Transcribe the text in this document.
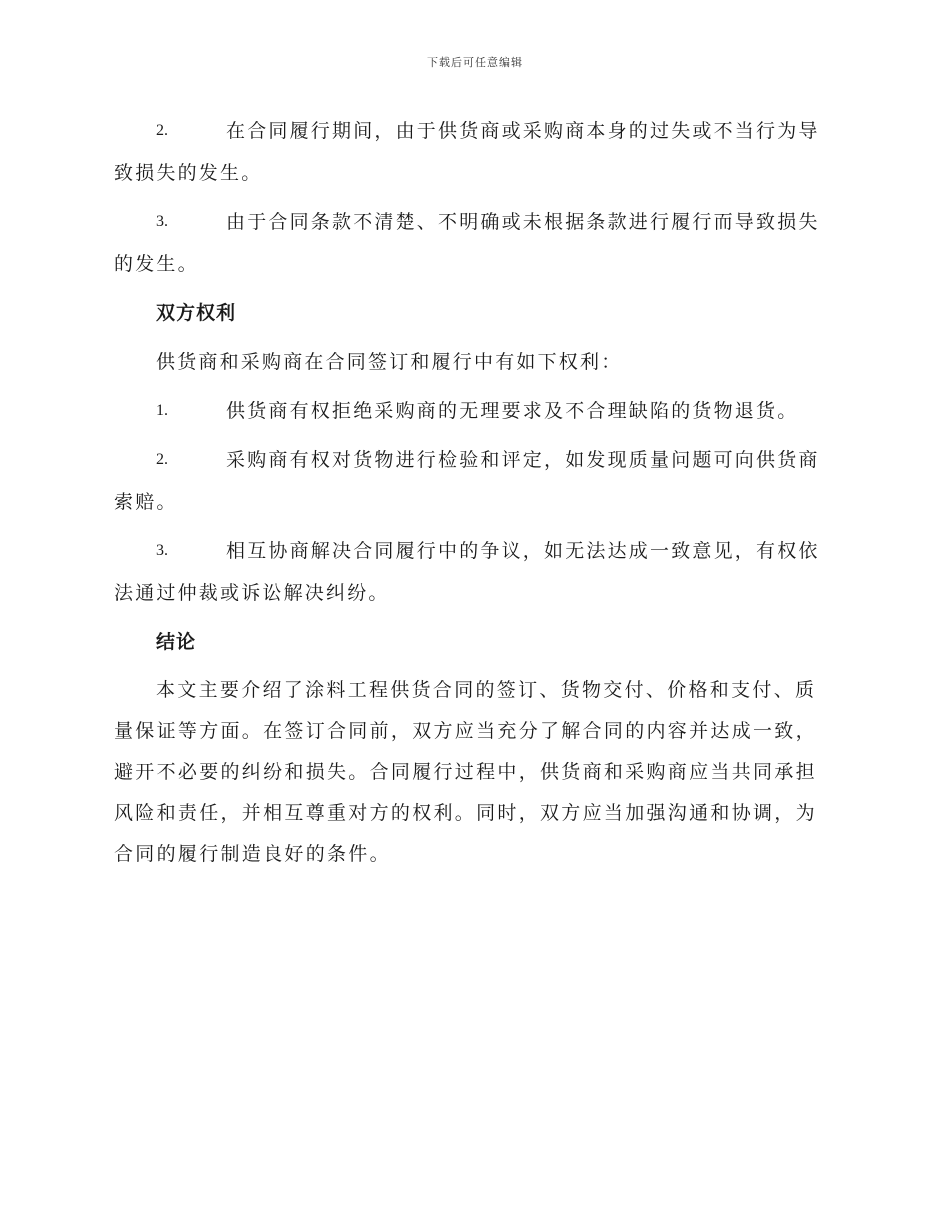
下载后可任意编辑

2.	在合同履行期间，由于供货商或采购商本身的过失或不当行为导致损失的发生。

3.	由于合同条款不清楚、不明确或未根据条款进行履行而导致损失的发生。

双方权利

供货商和采购商在合同签订和履行中有如下权利：

1.	供货商有权拒绝采购商的无理要求及不合理缺陷的货物退货。

2.	采购商有权对货物进行检验和评定，如发现质量问题可向供货商索赔。

3.	相互协商解决合同履行中的争议，如无法达成一致意见，有权依法通过仲裁或诉讼解决纠纷。

结论

本文主要介绍了涂料工程供货合同的签订、货物交付、价格和支付、质量保证等方面。在签订合同前，双方应当充分了解合同的内容并达成一致，避开不必要的纠纷和损失。合同履行过程中，供货商和采购商应当共同承担风险和责任，并相互尊重对方的权利。同时，双方应当加强沟通和协调，为合同的履行制造良好的条件。
